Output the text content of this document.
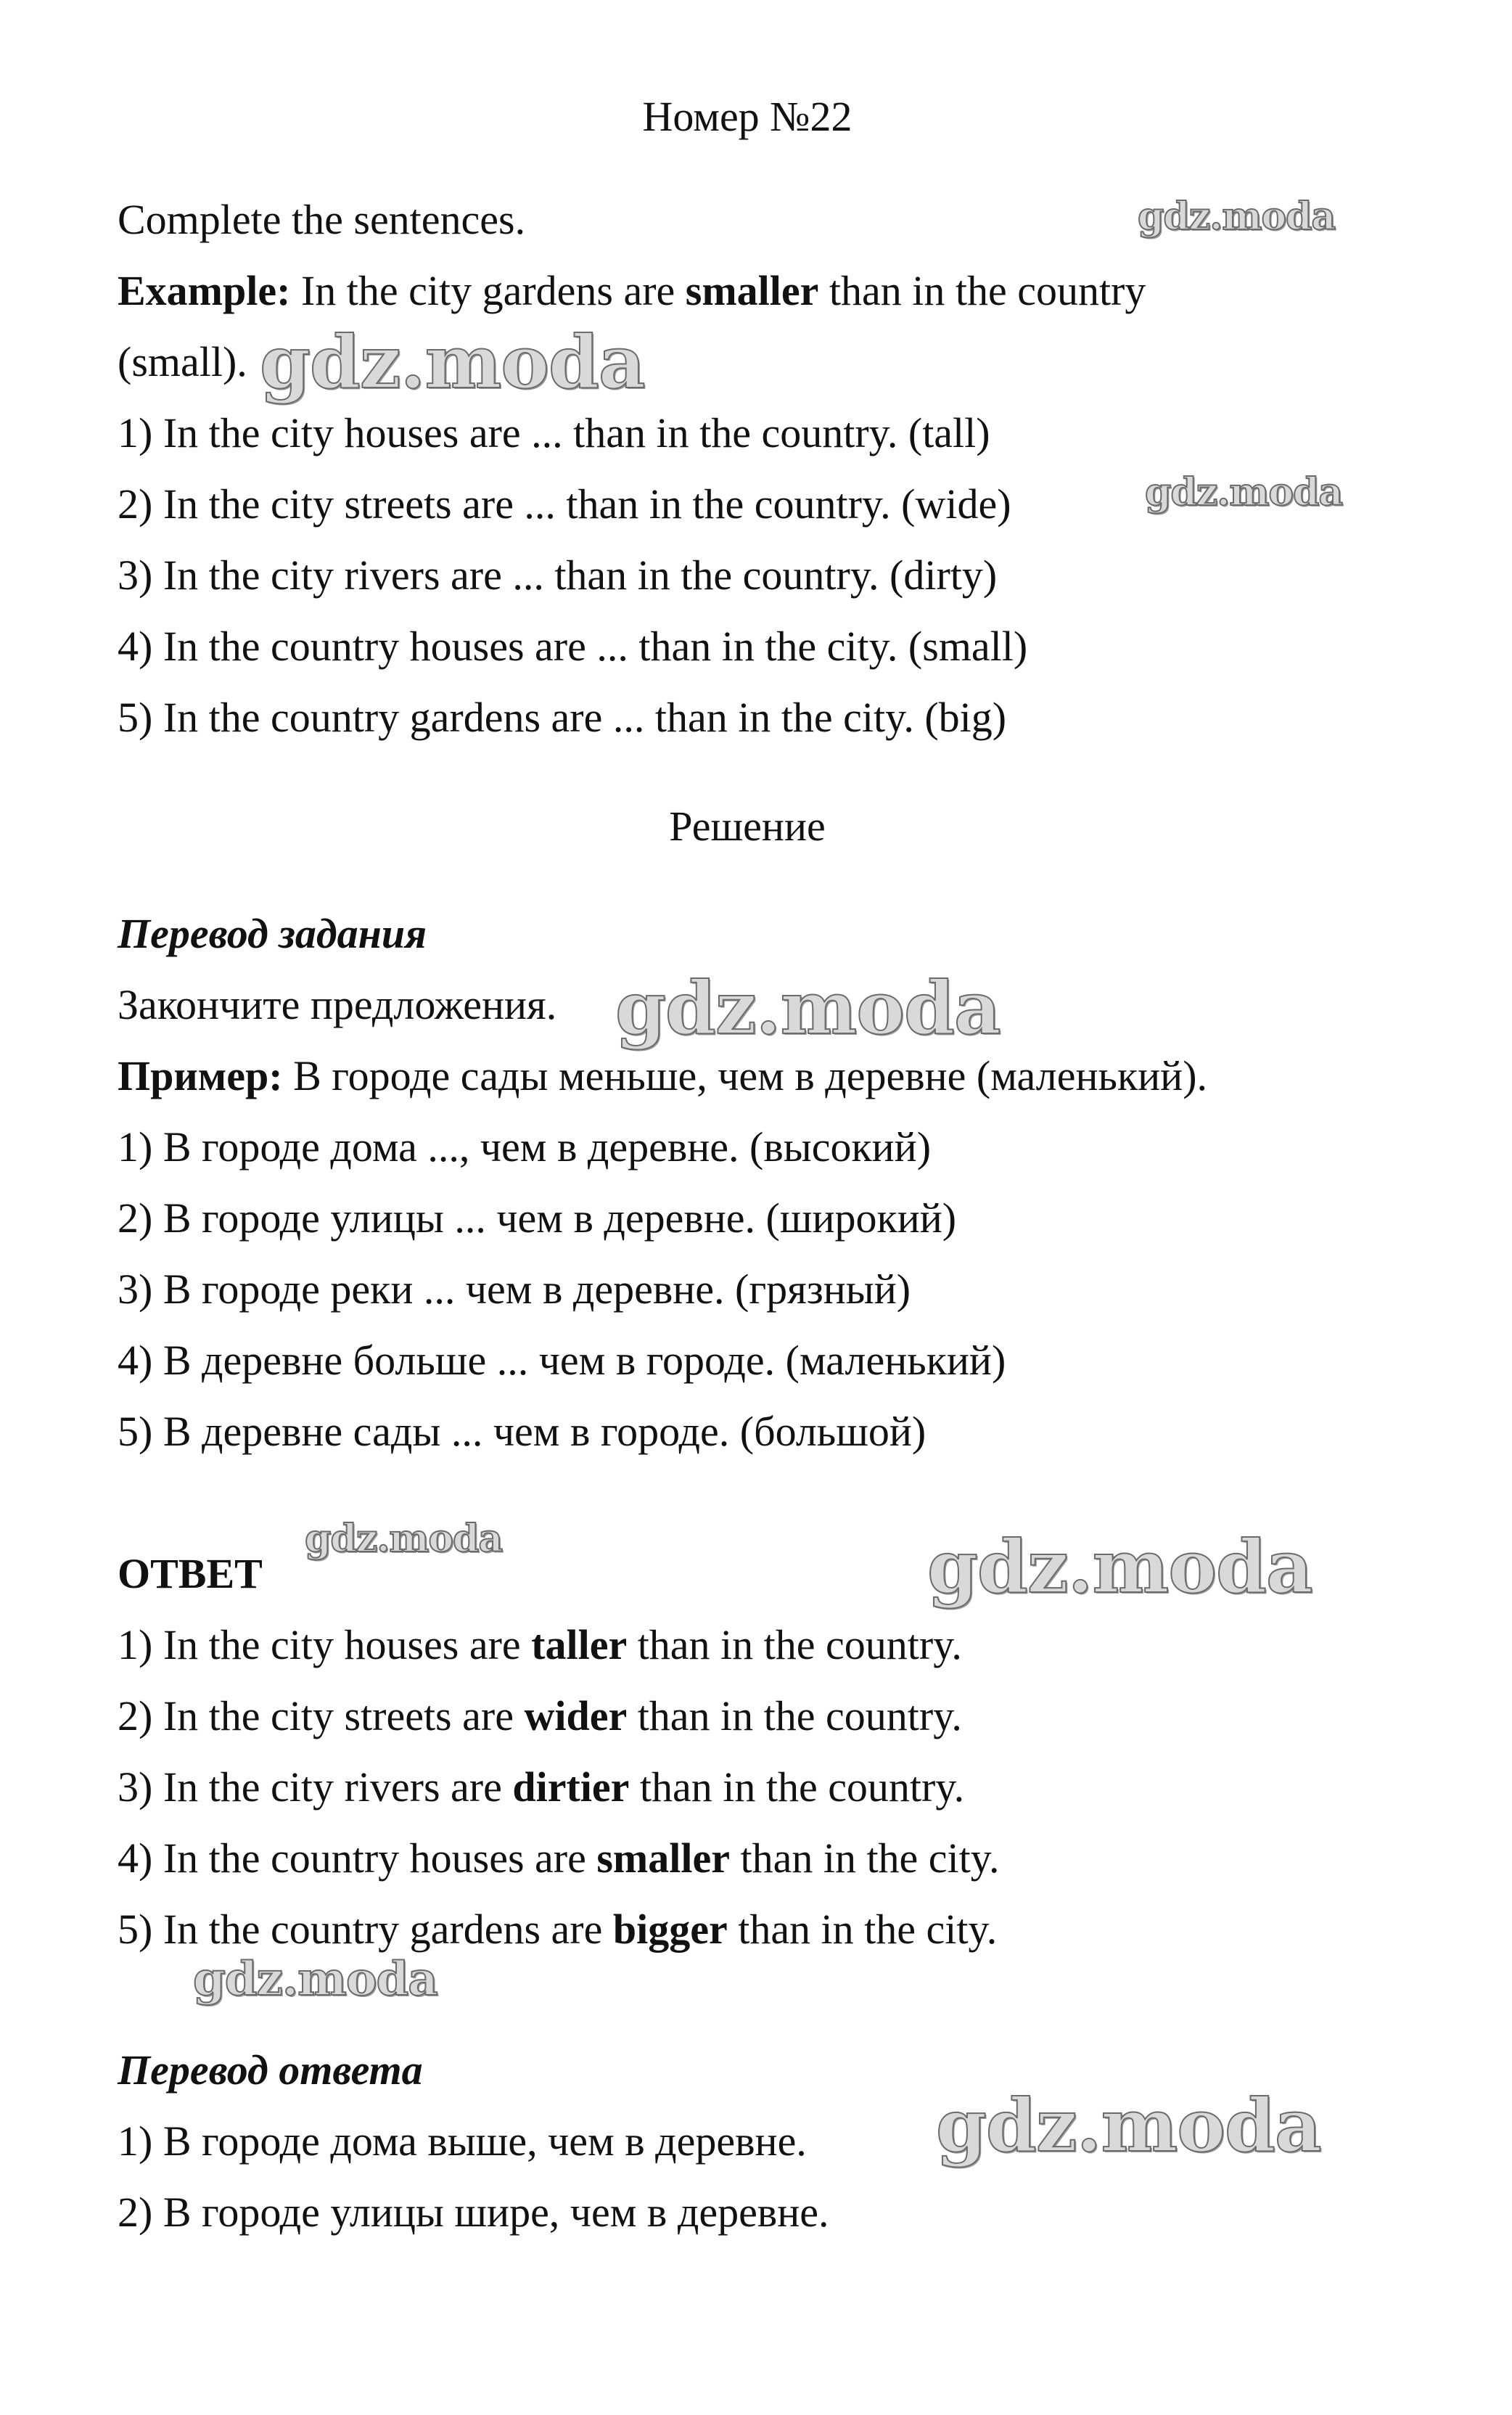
Номер №22
Complete the sentences.
Example: In the city gardens are smaller than in the country
(small).
1) In the city houses are ... than in the country. (tall)
2) In the city streets are ... than in the country. (wide)
3) In the city rivers are ... than in the country. (dirty)
4) In the country houses are ... than in the city. (small)
5) In the country gardens are ... than in the city. (big)
Решение
Перевод задания
Закончите предложения.
Пример: В городе сады меньше, чем в деревне (маленький).
1) В городе дома ..., чем в деревне. (высокий)
2) В городе улицы ... чем в деревне. (широкий)
3) В городе реки ... чем в деревне. (грязный)
4) В деревне больше ... чем в городе. (маленький)
5) В деревне сады ... чем в городе. (большой)
ОТВЕТ
1) In the city houses are taller than in the country.
2) In the city streets are wider than in the country.
3) In the city rivers are dirtier than in the country.
4) In the country houses are smaller than in the city.
5) In the country gardens are bigger than in the city.
Перевод ответа
1) В городе дома выше, чем в деревне.
2) В городе улицы шире, чем в деревне.
gdz.moda
gdz.moda
gdz.moda
gdz.moda
gdz.moda	gdz.moda
gdz.moda
gdz.moda
